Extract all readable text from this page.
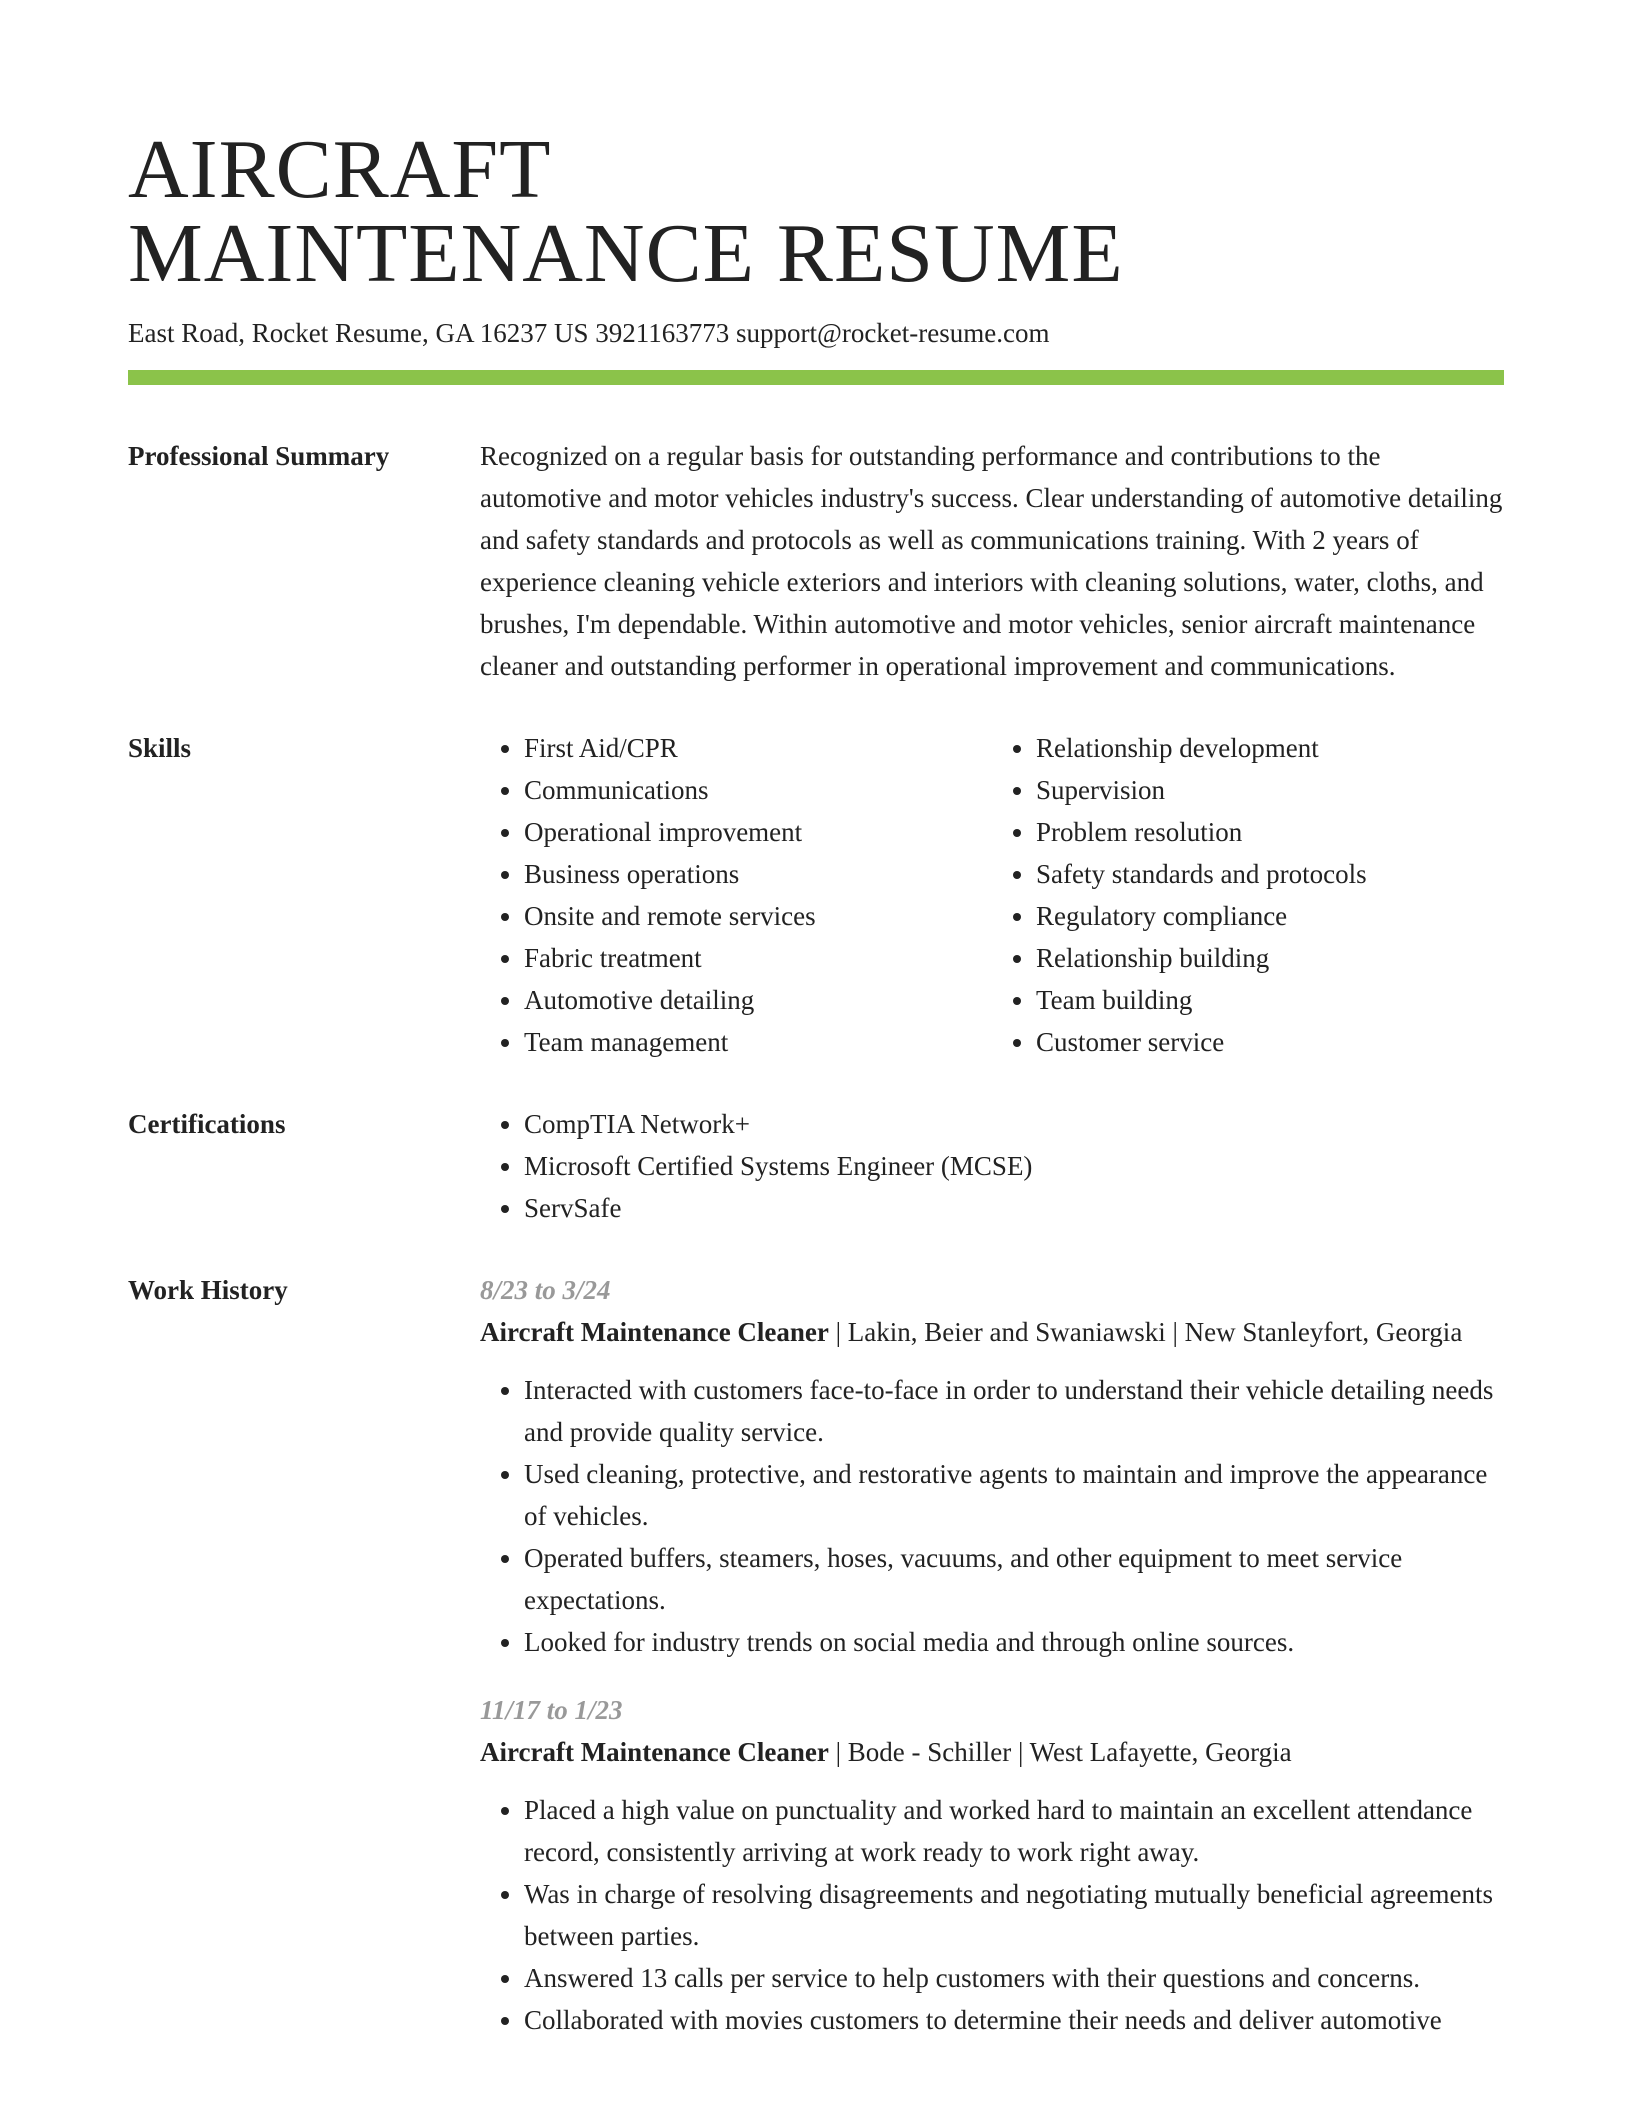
AIRCRAFT
MAINTENANCE RESUME
East Road, Rocket Resume, GA 16237 US 3921163773 support@rocket-resume.com
Professional Summary	Recognized on a regular basis for outstanding performance and contributions to the automotive and motor vehicles industry's success. Clear understanding of automotive detailing and safety standards and protocols as well as communications training. With 2 years of experience cleaning vehicle exteriors and interiors with cleaning solutions, water, cloths, and brushes, I'm dependable. Within automotive and motor vehicles, senior aircraft maintenance cleaner and outstanding performer in operational improvement and communications.

Skills	• First Aid/CPR
• Communications
• Operational improvement
• Business operations
• Onsite and remote services
• Fabric treatment
• Automotive detailing
• Team management
• Relationship development
• Supervision
• Problem resolution
• Safety standards and protocols
• Regulatory compliance
• Relationship building
• Team building
• Customer service
Certifications	• CompTIA Network+
• Microsoft Certified Systems Engineer (MCSE)
• ServSafe
Work History	8/23 to 3/24
Aircraft Maintenance Cleaner | Lakin, Beier and Swaniawski | New Stanleyfort, Georgia
• Interacted with customers face-to-face in order to understand their vehicle detailing needs and provide quality service.
• Used cleaning, protective, and restorative agents to maintain and improve the appearance of vehicles.
• Operated buffers, steamers, hoses, vacuums, and other equipment to meet service expectations.
• Looked for industry trends on social media and through online sources.
11/17 to 1/23
Aircraft Maintenance Cleaner | Bode - Schiller | West Lafayette, Georgia
• Placed a high value on punctuality and worked hard to maintain an excellent attendance record, consistently arriving at work ready to work right away.
• Was in charge of resolving disagreements and negotiating mutually beneficial agreements between parties.
• Answered 13 calls per service to help customers with their questions and concerns.
• Collaborated with movies customers to determine their needs and deliver automotive
